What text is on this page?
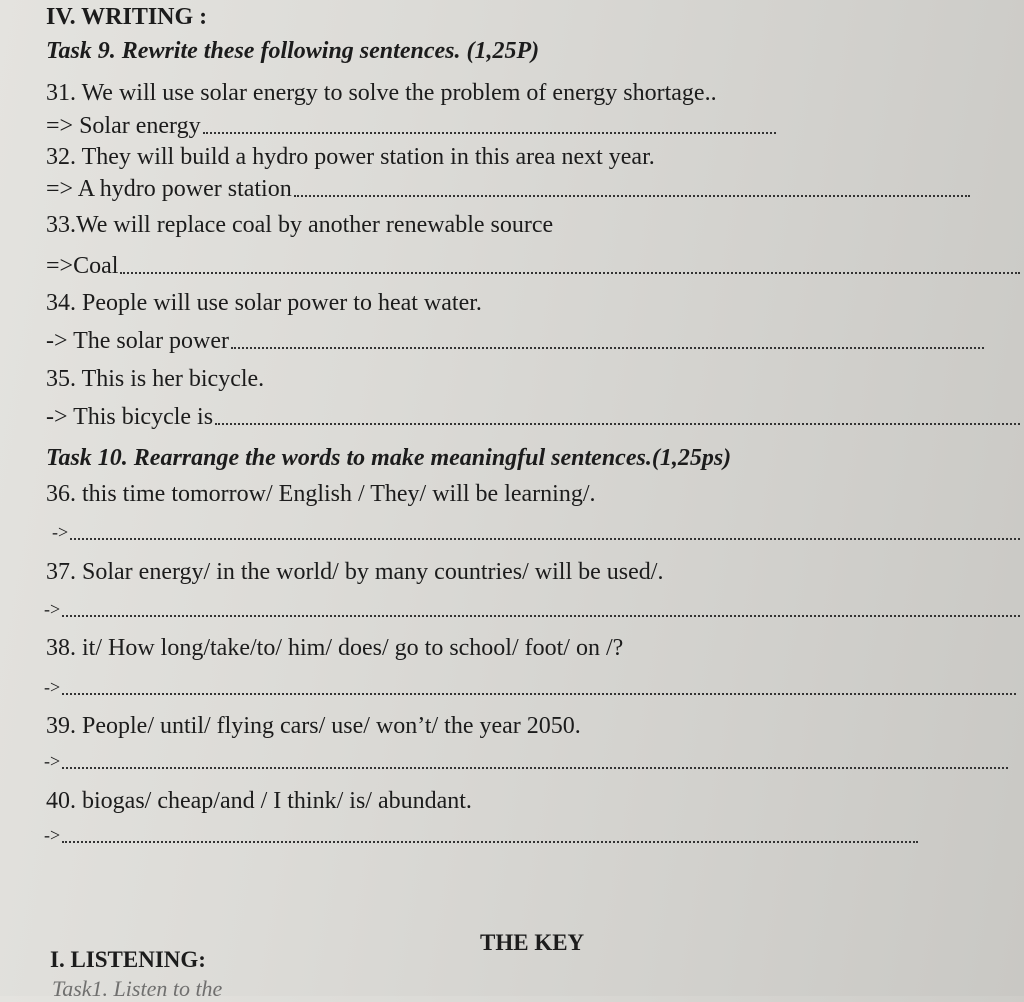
IV. WRITING :
Task 9. Rewrite these following sentences. (1,25P)
31. We will use solar energy to solve the problem of energy shortage..
=> Solar energy
32. They will build a hydro power station in this area next year.
=> A hydro power station
33.We will replace coal by another renewable source
=>Coal
34. People will use solar power to heat water.
-> The solar power
35. This is her bicycle.
-> This bicycle is
Task 10. Rearrange the words to make meaningful sentences.(1,25ps)
36. this time tomorrow/ English / They/ will be learning/.
->
37. Solar energy/ in the world/ by many countries/ will be used/.
->
38. it/ How long/take/to/ him/ does/ go to school/ foot/ on /?
->
39. People/ until/ flying cars/ use/ won’t/ the year 2050.
->
40. biogas/ cheap/and / I think/ is/ abundant.
->
THE KEY
I. LISTENING:
Task1. Listen to the
